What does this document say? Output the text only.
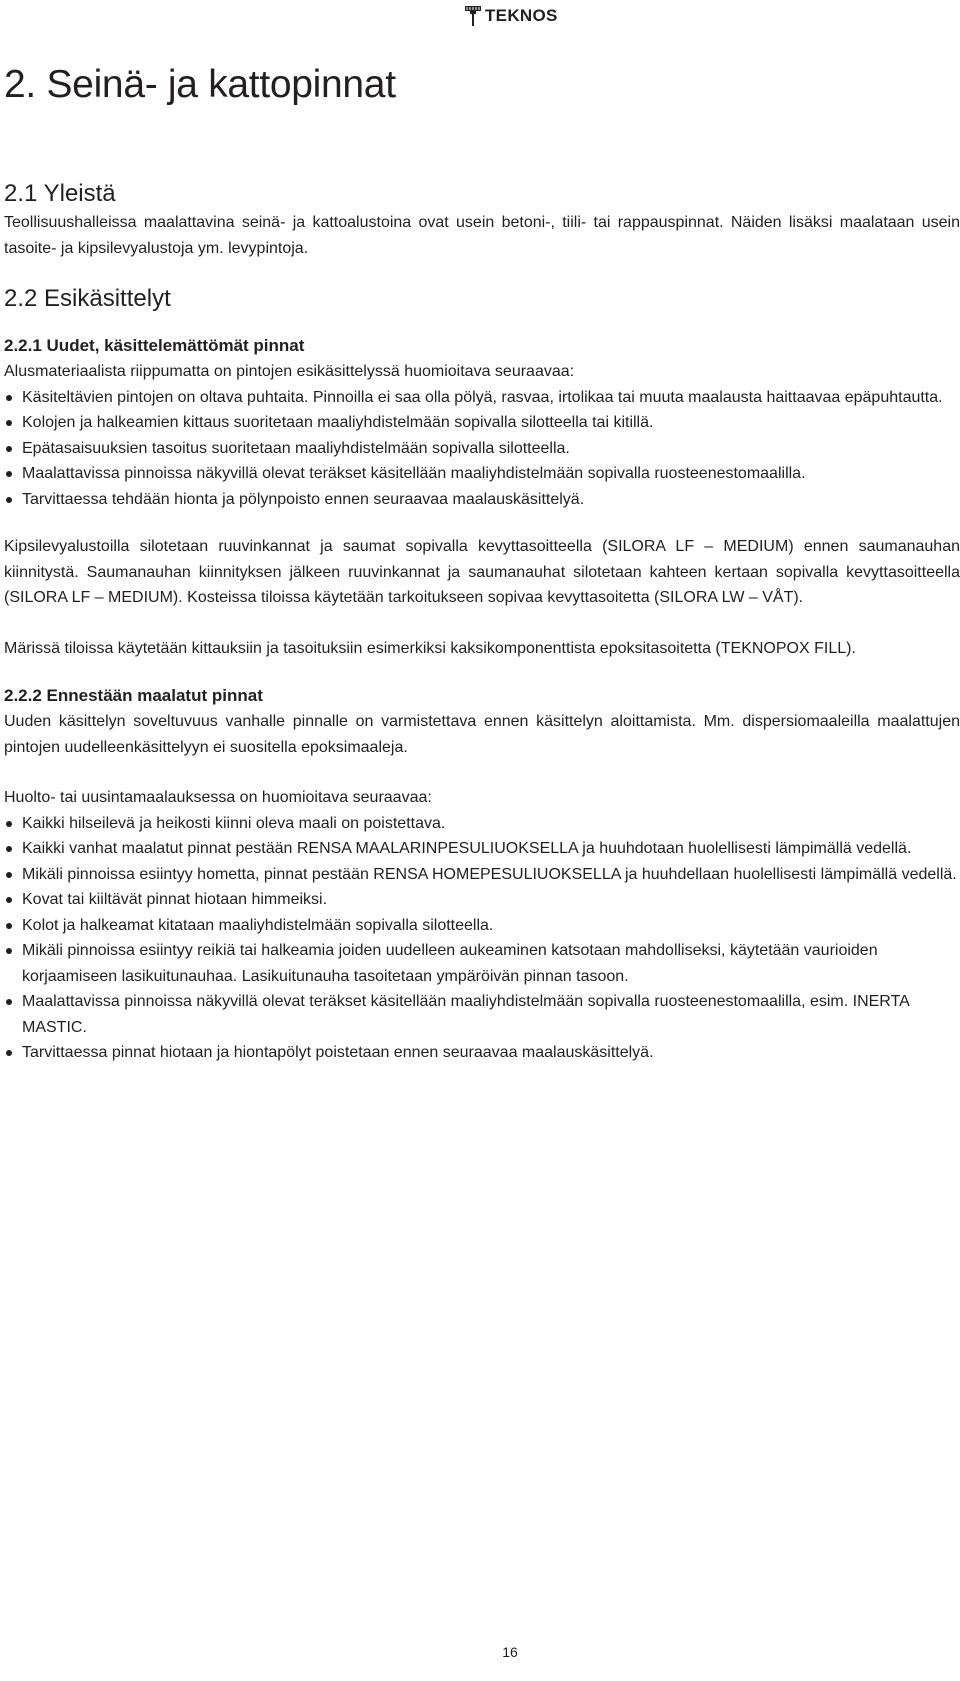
TEKNOS
2. Seinä- ja kattopinnat
2.1 Yleistä

Teollisuushalleissa maalattavina seinä- ja kattoalustoina ovat usein betoni-, tiili- tai rappauspinnat. Näiden lisäksi maalataan usein tasoite- ja kipsilevyalustoja ym. levypintoja.

2.2 Esikäsittelyt
2.2.1 Uudet, käsittelemättömät pinnat

Alusmateriaalista riippumatta on pintojen esikäsittelyssä huomioitava seuraavaa:

Käsiteltävien pintojen on oltava puhtaita. Pinnoilla ei saa olla pölyä, rasvaa, irtolikaa tai muuta maalausta haittaavaa epäpuhtautta.
Kolojen ja halkeamien kittaus suoritetaan maaliyhdistelmään sopivalla silotteella tai kitillä.
Epätasaisuuksien tasoitus suoritetaan maaliyhdistelmään sopivalla silotteella.
Maalattavissa pinnoissa näkyvillä olevat teräkset käsitellään maaliyhdistelmään sopivalla ruosteenestomaalilla.
Tarvittaessa tehdään hionta ja pölynpoisto ennen seuraavaa maalauskäsittelyä.

Kipsilevyalustoilla silotetaan ruuvinkannat ja saumat sopivalla kevyttasoitteella (SILORA LF – MEDIUM) ennen saumanauhan kiinnitystä. Saumanauhan kiinnityksen jälkeen ruuvinkannat ja saumanauhat silotetaan kahteen kertaan sopivalla kevyttasoitteella (SILORA LF – MEDIUM). Kosteissa tiloissa käytetään tarkoitukseen sopivaa kevyttasoitetta (SILORA LW – VÅT).

Märissä tiloissa käytetään kittauksiin ja tasoituksiin esimerkiksi kaksikomponenttista epoksitasoitetta (TEKNOPOX FILL).

2.2.2 Ennestään maalatut pinnat

Uuden käsittelyn soveltuvuus vanhalle pinnalle on varmistettava ennen käsittelyn aloittamista. Mm. dispersiomaaleilla maalattujen pintojen uudelleenkäsittelyyn ei suositella epoksimaaleja.

Huolto- tai uusintamaalauksessa on huomioitava seuraavaa:

Kaikki hilseilevä ja heikosti kiinni oleva maali on poistettava.
Kaikki vanhat maalatut pinnat pestään RENSA MAALARINPESULIUOKSELLA ja huuhdotaan huolellisesti lämpimällä vedellä.
Mikäli pinnoissa esiintyy hometta, pinnat pestään RENSA HOMEPESULIUOKSELLA ja huuhdellaan huolellisesti lämpimällä vedellä.
Kovat tai kiiltävät pinnat hiotaan himmeiksi.
Kolot ja halkeamat kitataan maaliyhdistelmään sopivalla silotteella.
Mikäli pinnoissa esiintyy reikiä tai halkeamia joiden uudelleen aukeaminen katsotaan mahdolliseksi, käytetään vaurioiden korjaamiseen lasikuitunauhaa. Lasikuitunauha tasoitetaan ympäröivän pinnan tasoon.
Maalattavissa pinnoissa näkyvillä olevat teräkset käsitellään maaliyhdistelmään sopivalla ruosteenestomaalilla, esim. INERTA MASTIC.
Tarvittaessa pinnat hiotaan ja hiontapölyt poistetaan ennen seuraavaa maalauskäsittelyä.
16
